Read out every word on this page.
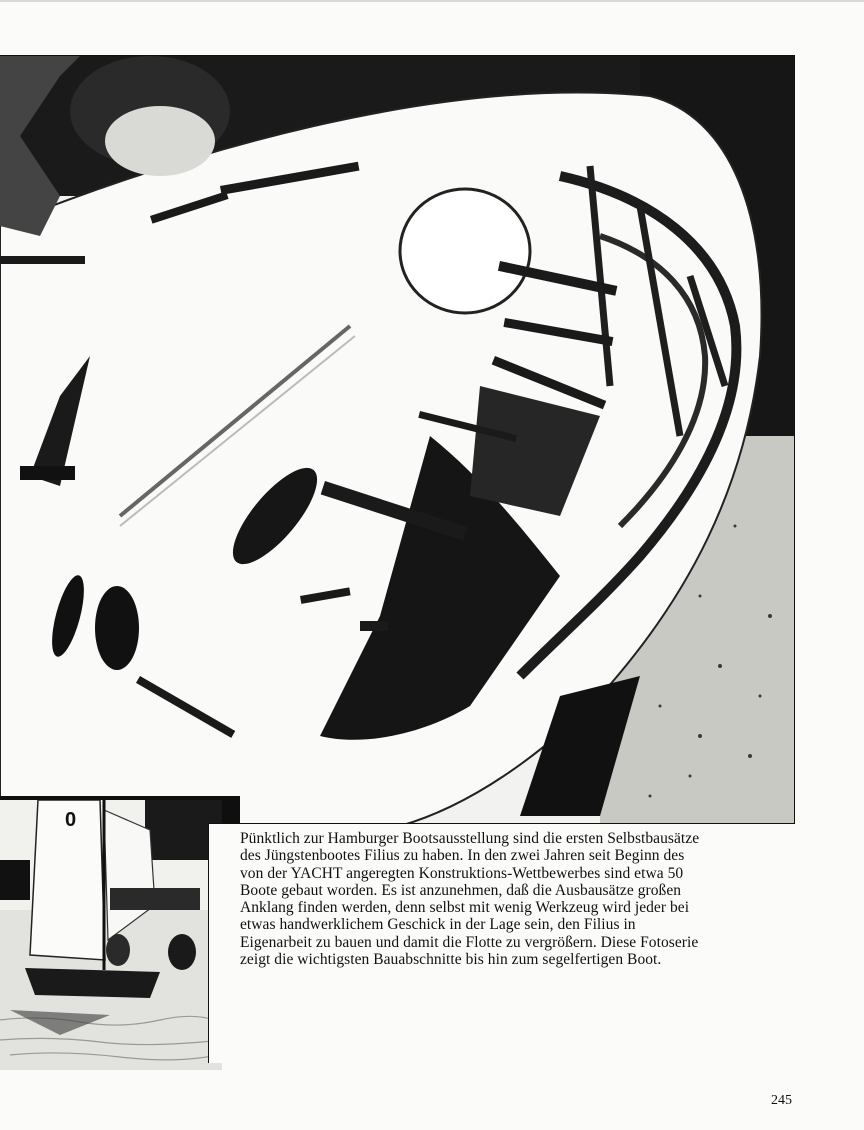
0

Pünktlich zur Hamburger Bootsausstellung sind die ersten Selbstbausätze des Jüngstenbootes Filius zu haben. In den zwei Jahren seit Beginn des von der YACHT angeregten Konstruktions-Wettbewerbes sind etwa 50 Boote gebaut worden. Es ist anzunehmen, daß die Ausbausätze großen Anklang finden werden, denn selbst mit wenig Werkzeug wird jeder bei etwas handwerklichem Geschick in der Lage sein, den Filius in Eigenarbeit zu bauen und damit die Flotte zu vergrößern. Diese Fotoserie zeigt die wichtigsten Bauabschnitte bis hin zum segelfertigen Boot.

245
